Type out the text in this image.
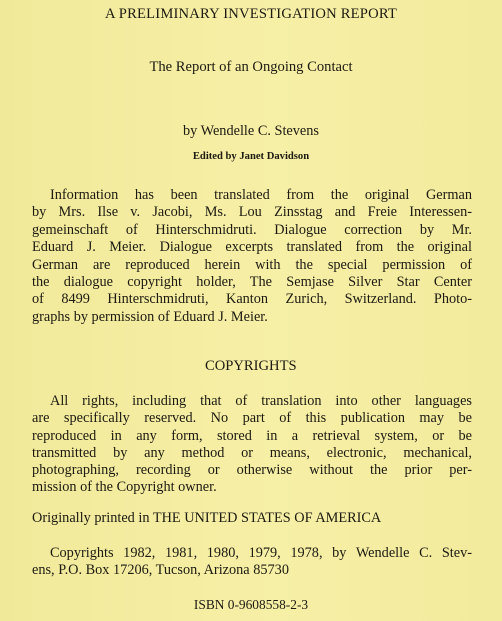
A PRELIMINARY INVESTIGATION REPORT
The Report of an Ongoing Contact
by Wendelle C. Stevens
Edited by Janet Davidson
Information has been translated from the original German
by Mrs. Ilse v. Jacobi, Ms. Lou Zinsstag and Freie Interessen-
gemeinschaft of Hinterschmidruti. Dialogue correction by Mr.
Eduard J. Meier. Dialogue excerpts translated from the original
German are reproduced herein with the special permission of
the dialogue copyright holder, The Semjase Silver Star Center
of 8499 Hinterschmidruti, Kanton Zurich, Switzerland. Photo-
graphs by permission of Eduard J. Meier.
COPYRIGHTS
All rights, including that of translation into other languages
are specifically reserved. No part of this publication may be
reproduced in any form, stored in a retrieval system, or be
transmitted by any method or means, electronic, mechanical,
photographing, recording or otherwise without the prior per-
mission of the Copyright owner.
Originally printed in THE UNITED STATES OF AMERICA
Copyrights 1982, 1981, 1980, 1979, 1978, by Wendelle C. Stev-
ens, P.O. Box 17206, Tucson, Arizona 85730
ISBN 0-9608558-2-3
